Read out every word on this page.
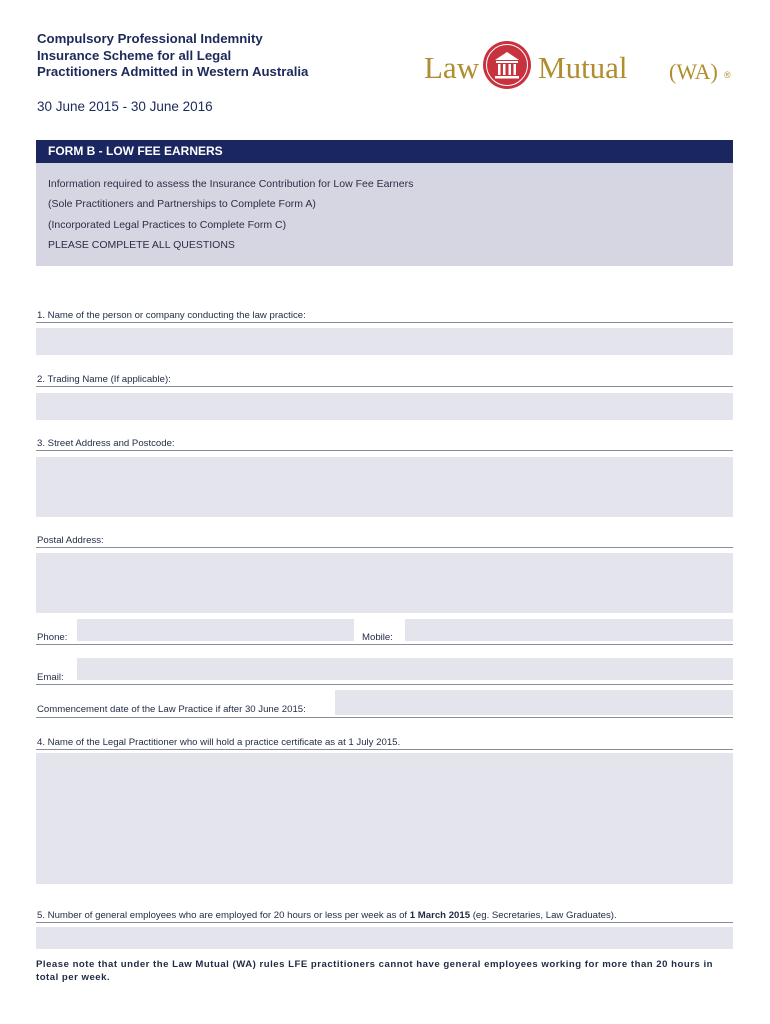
Compulsory Professional Indemnity
Insurance Scheme for all Legal
Practitioners Admitted in Western Australia
30 June 2015 - 30 June 2016
Law Mutual (WA) ®
FORM B - LOW FEE EARNERS
Information required to assess the Insurance Contribution for Low Fee Earners
(Sole Practitioners and Partnerships to Complete Form A)
(Incorporated Legal Practices to Complete Form C)
PLEASE COMPLETE ALL QUESTIONS
1. Name of the person or company conducting the law practice:
2. Trading Name (If applicable):
3. Street Address and Postcode:
Postal Address:
Phone:	Mobile:
Email:
Commencement date of the Law Practice if after 30 June 2015:
4. Name of the Legal Practitioner who will hold a practice certificate as at 1 July 2015.
5. Number of general employees who are employed for 20 hours or less per week as of 1 March 2015 (eg. Secretaries, Law Graduates).
Please note that under the Law Mutual (WA) rules LFE practitioners cannot have general employees working for more than 20 hours in total per week.
